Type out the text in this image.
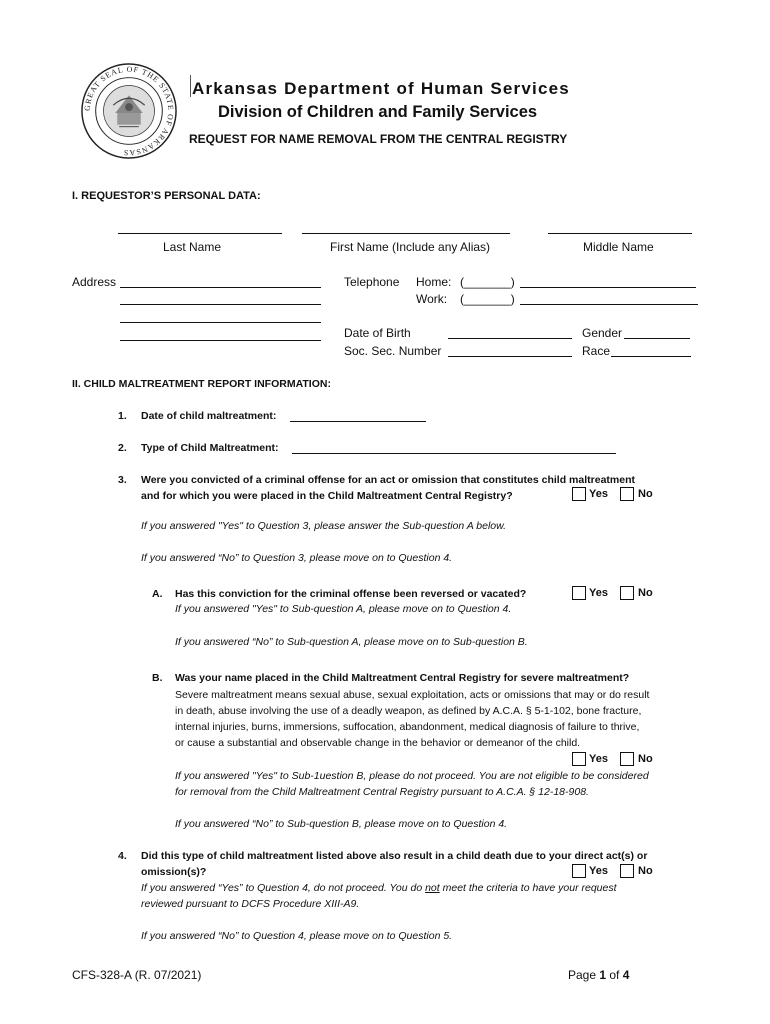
GREAT SEAL OF THE STATE OF ARKANSAS
Arkansas Department of Human Services
Division of Children and Family Services
REQUEST FOR NAME REMOVAL FROM THE CENTRAL REGISTRY
I. REQUESTOR’S PERSONAL DATA:
Last Name	First Name (Include any Alias)	Middle Name
Address	Telephone Home: (_______)
Work: (_______)
Date of Birth	Gender
Soc. Sec. Number	Race
II. CHILD MALTREATMENT REPORT INFORMATION:
1. Date of child maltreatment:
2. Type of Child Maltreatment:
3. Were you convicted of a criminal offense for an act or omission that constitutes child maltreatment
and for which you were placed in the Child Maltreatment Central Registry?	Yes	No
If you answered "Yes" to Question 3, please answer the Sub-question A below.
If you answered “No” to Question 3, please move on to Question 4.
A. Has this conviction for the criminal offense been reversed or vacated?	Yes	No
If you answered "Yes" to Sub-question A, please move on to Question 4.
If you answered “No” to Sub-question A, please move on to Sub-question B.
B. Was your name placed in the Child Maltreatment Central Registry for severe maltreatment?
Severe maltreatment means sexual abuse, sexual exploitation, acts or omissions that may or do result
in death, abuse involving the use of a deadly weapon, as defined by A.C.A. § 5-1-102, bone fracture,
internal injuries, burns, immersions, suffocation, abandonment, medical diagnosis of failure to thrive,
or cause a substantial and observable change in the behavior or demeanor of the child.
Yes	No
If you answered "Yes" to Sub-1uestion B, please do not proceed. You are not eligible to be considered
for removal from the Child Maltreatment Central Registry pursuant to A.C.A. § 12-18-908.
If you answered “No” to Sub-question B, please move on to Question 4.
4. Did this type of child maltreatment listed above also result in a child death due to your direct act(s) or
omission(s)?	Yes	No
If you answered “Yes” to Question 4, do not proceed. You do not meet the criteria to have your request
reviewed pursuant to DCFS Procedure XIII-A9.
If you answered “No” to Question 4, please move on to Question 5.
CFS-328-A (R. 07/2021)	Page 1 of 4
